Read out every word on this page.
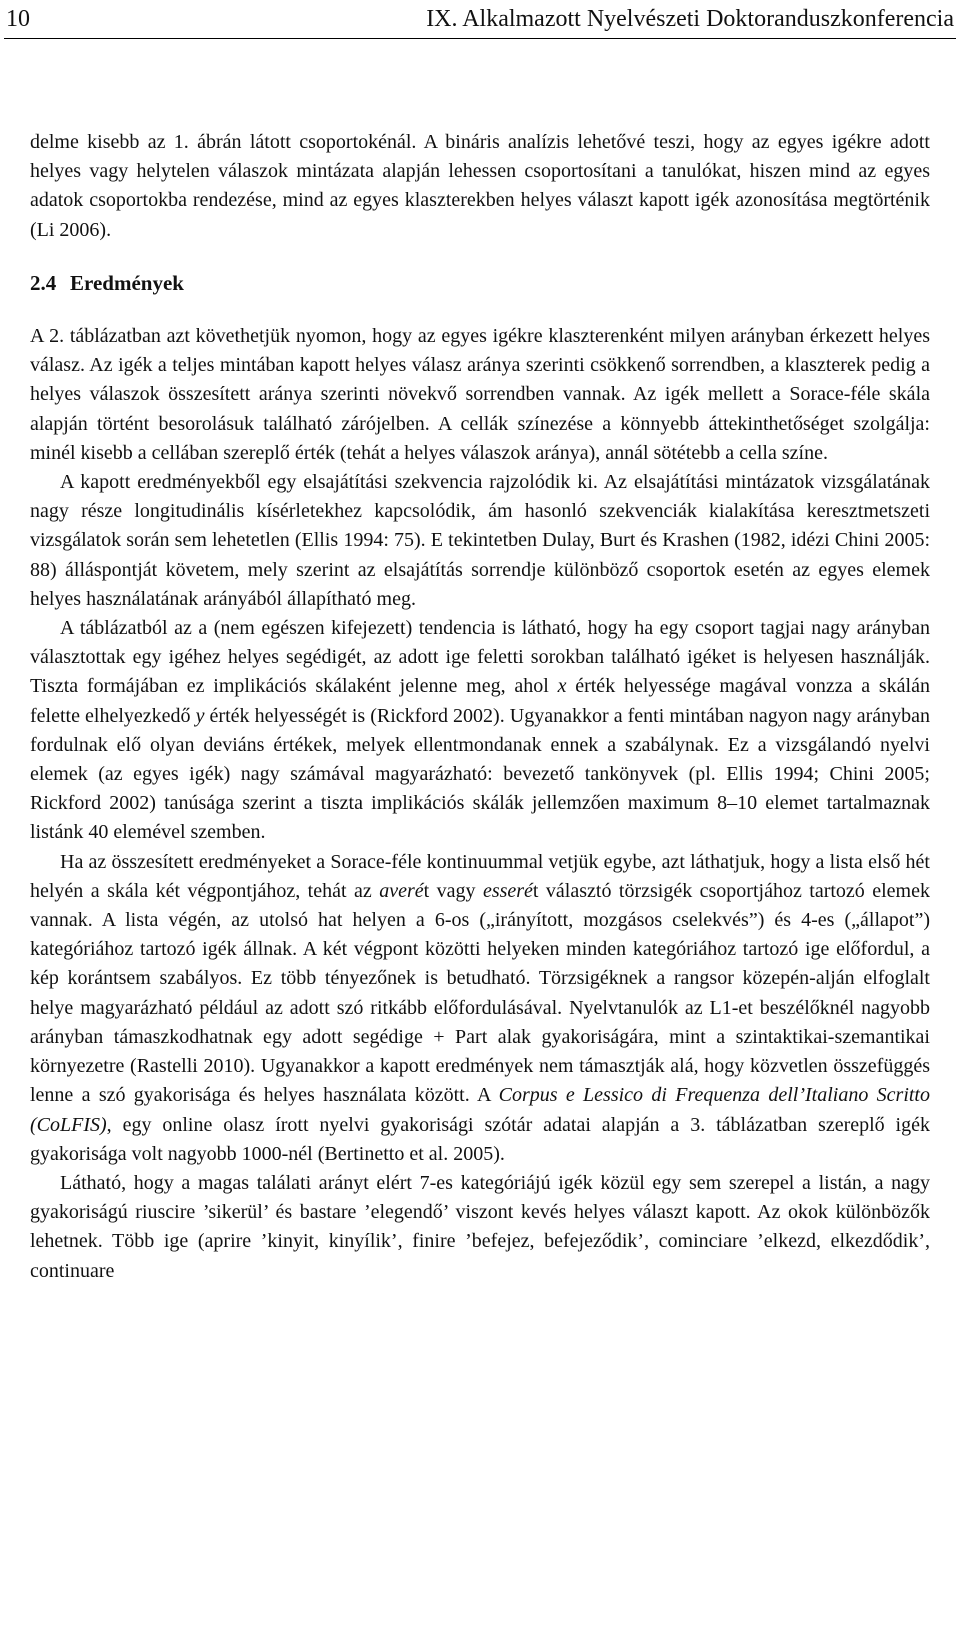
10	IX. Alkalmazott Nyelvészeti Doktoranduszkonferencia

delme kisebb az 1. ábrán látott csoportokénál. A bináris analízis lehetővé teszi, hogy az egyes igékre adott helyes vagy helytelen válaszok mintázata alapján lehessen csoportosítani a tanulókat, hiszen mind az egyes adatok csoportokba rendezése, mind az egyes klaszterekben helyes választ kapott igék azonosítása megtörténik (Li 2006).

2.4 Eredmények

A 2. táblázatban azt követhetjük nyomon, hogy az egyes igékre klaszterenként milyen arányban érkezett helyes válasz. Az igék a teljes mintában kapott helyes válasz aránya szerinti csökkenő sorrendben, a klaszterek pedig a helyes válaszok összesített aránya szerinti növekvő sorrendben vannak. Az igék mellett a Sorace-féle skála alapján történt besorolásuk található zárójelben. A cellák színezése a könnyebb áttekinthetőséget szolgálja: minél kisebb a cellában szereplő érték (tehát a helyes válaszok aránya), annál sötétebb a cella színe.

A kapott eredményekből egy elsajátítási szekvencia rajzolódik ki. Az elsajátítási mintázatok vizsgálatának nagy része longitudinális kísérletekhez kapcsolódik, ám hasonló szekvenciák kialakítása keresztmetszeti vizsgálatok során sem lehetetlen (Ellis 1994: 75). E tekintetben Dulay, Burt és Krashen (1982, idézi Chini 2005: 88) álláspontját követem, mely szerint az elsajátítás sorrendje különböző csoportok esetén az egyes elemek helyes használatának arányából állapítható meg.

A táblázatból az a (nem egészen kifejezett) tendencia is látható, hogy ha egy csoport tagjai nagy arányban választottak egy igéhez helyes segédigét, az adott ige feletti sorokban található igéket is helyesen használják. Tiszta formájában ez implikációs skálaként jelenne meg, ahol x érték helyessége magával vonzza a skálán felette elhelyezkedő y érték helyességét is (Rickford 2002). Ugyanakkor a fenti mintában nagyon nagy arányban fordulnak elő olyan deviáns értékek, melyek ellentmondanak ennek a szabálynak. Ez a vizsgálandó nyelvi elemek (az egyes igék) nagy számával magyarázható: bevezető tankönyvek (pl. Ellis 1994; Chini 2005; Rickford 2002) tanúsága szerint a tiszta implikációs skálák jellemzően maximum 8–10 elemet tartalmaznak listánk 40 elemével szemben.

Ha az összesített eredményeket a Sorace-féle kontinuummal vetjük egybe, azt láthatjuk, hogy a lista első hét helyén a skála két végpontjához, tehát az averét vagy esserét választó törzsigék csoportjához tartozó elemek vannak. A lista végén, az utolsó hat helyen a 6-os („irányított, mozgásos cselekvés”) és 4-es („állapot”) kategóriához tartozó igék állnak. A két végpont közötti helyeken minden kategóriához tartozó ige előfordul, a kép korántsem szabályos. Ez több tényezőnek is betudható. Törzsigéknek a rangsor közepén-alján elfoglalt helye magyarázható például az adott szó ritkább előfordulásával. Nyelvtanulók az L1-et beszélőknél nagyobb arányban támaszkodhatnak egy adott segédige + Part alak gyakoriságára, mint a szintaktikai-szemantikai környezetre (Rastelli 2010). Ugyanakkor a kapott eredmények nem támasztják alá, hogy közvetlen összefüggés lenne a szó gyakorisága és helyes használata között. A Corpus e Lessico di Frequenza dell’Italiano Scritto (CoLFIS), egy online olasz írott nyelvi gyakorisági szótár adatai alapján a 3. táblázatban szereplő igék gyakorisága volt nagyobb 1000-nél (Bertinetto et al. 2005).

Látható, hogy a magas találati arányt elért 7-es kategóriájú igék közül egy sem szerepel a listán, a nagy gyakoriságú riuscire ’sikerül’ és bastare ’elegendő’ viszont kevés helyes választ kapott. Az okok különbözők lehetnek. Több ige (aprire ’kinyit, kinyílik’, finire ’befejez, befejeződik’, cominciare ’elkezd, elkezdődik’, continuare
